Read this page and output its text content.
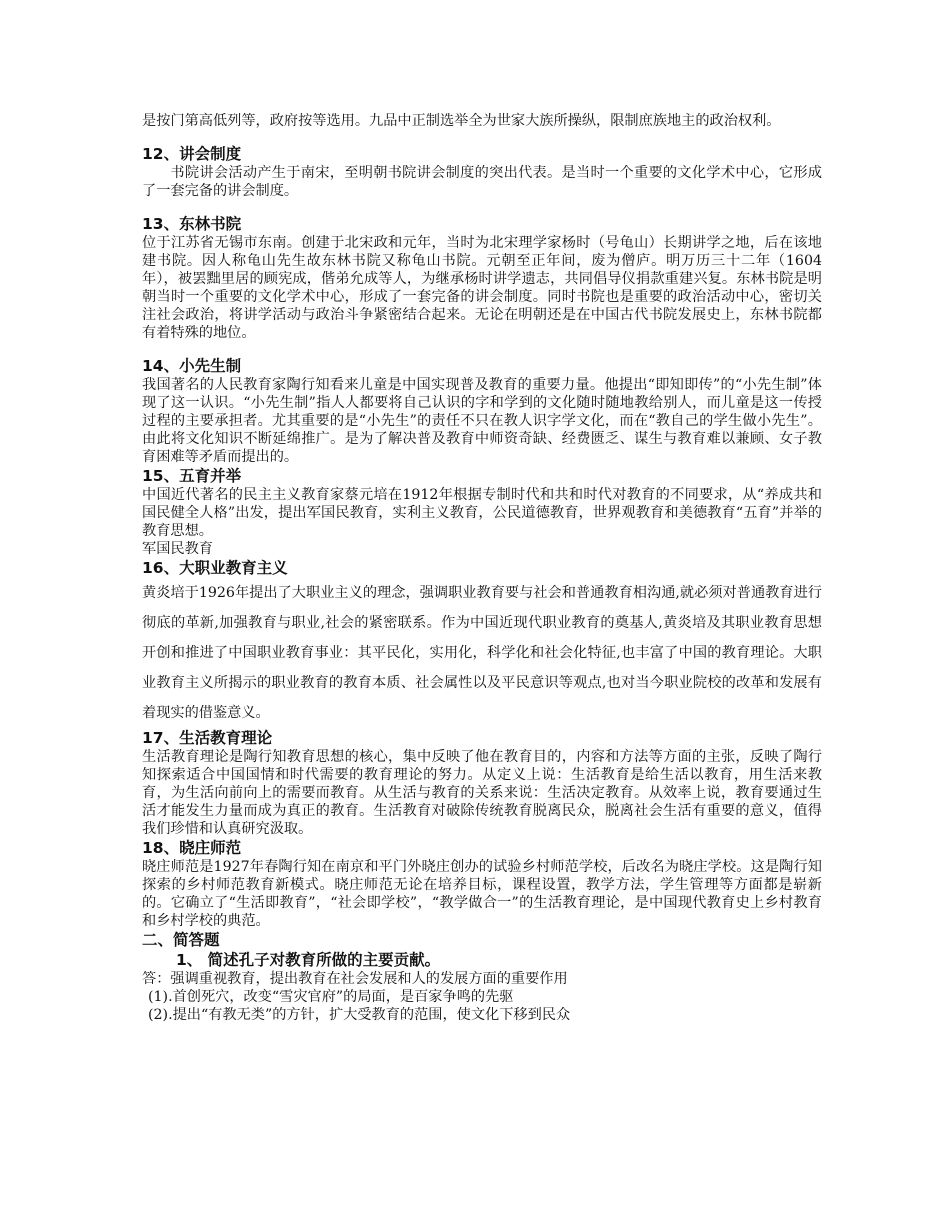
是按门第高低列等，政府按等选用。九品中正制选举全为世家大族所操纵，限制庶族地主的政治权利。

12、讲会制度

书院讲会活动产生于南宋，至明朝书院讲会制度的突出代表。是当时一个重要的文化学术中心，它形成了一套完备的讲会制度。

13、东林书院

位于江苏省无锡市东南。创建于北宋政和元年，当时为北宋理学家杨时（号龟山）长期讲学之地，后在该地建书院。因人称龟山先生故东林书院又称龟山书院。元朝至正年间，废为僧庐。明万历三十二年（1604年），被罢黜里居的顾宪成，偕弟允成等人，为继承杨时讲学遗志，共同倡导仪捐款重建兴复。东林书院是明朝当时一个重要的文化学术中心，形成了一套完备的讲会制度。同时书院也是重要的政治活动中心，密切关注社会政治，将讲学活动与政治斗争紧密结合起来。无论在明朝还是在中国古代书院发展史上，东林书院都有着特殊的地位。

14、小先生制

我国著名的人民教育家陶行知看来儿童是中国实现普及教育的重要力量。他提出“即知即传”的“小先生制”体现了这一认识。“小先生制”指人人都要将自己认识的字和学到的文化随时随地教给别人，而儿童是这一传授过程的主要承担者。尤其重要的是“小先生”的责任不只在教人识字学文化，而在“教自己的学生做小先生”。由此将文化知识不断延绵推广。是为了解决普及教育中师资奇缺、经费匮乏、谋生与教育难以兼顾、女子教育困难等矛盾而提出的。

15、五育并举

中国近代著名的民主主义教育家蔡元培在1912年根据专制时代和共和时代对教育的不同要求，从“养成共和国民健全人格”出发，提出军国民教育，实利主义教育，公民道德教育，世界观教育和美德教育“五育”并举的教育思想。

军国民教育

16、大职业教育主义

黄炎培于1926年提出了大职业主义的理念，强调职业教育要与社会和普通教育相沟通,就必须对普通教育进行彻底的革新,加强教育与职业,社会的紧密联系。作为中国近现代职业教育的奠基人,黄炎培及其职业教育思想开创和推进了中国职业教育事业：其平民化，实用化，科学化和社会化特征,也丰富了中国的教育理论。大职业教育主义所揭示的职业教育的教育本质、社会属性以及平民意识等观点,也对当今职业院校的改革和发展有着现实的借鉴意义。

17、生活教育理论

生活教育理论是陶行知教育思想的核心，集中反映了他在教育目的，内容和方法等方面的主张，反映了陶行知探索适合中国国情和时代需要的教育理论的努力。从定义上说：生活教育是给生活以教育，用生活来教育，为生活向前向上的需要而教育。从生活与教育的关系来说：生活决定教育。从效率上说，教育要通过生活才能发生力量而成为真正的教育。生活教育对破除传统教育脱离民众，脱离社会生活有重要的意义，值得我们珍惜和认真研究汲取。

18、晓庄师范

晓庄师范是1927年春陶行知在南京和平门外晓庄创办的试验乡村师范学校，后改名为晓庄学校。这是陶行知探索的乡村师范教育新模式。晓庄师范无论在培养目标，课程设置，教学方法，学生管理等方面都是崭新的。它确立了“生活即教育”，“社会即学校”，“教学做合一”的生活教育理论，是中国现代教育史上乡村教育和乡村学校的典范。

二、简答题

1、 简述孔子对教育所做的主要贡献。

答：强调重视教育，提出教育在社会发展和人的发展方面的重要作用

(1).首创死穴，改变“雪灾官府”的局面，是百家争鸣的先驱

(2).提出“有教无类”的方针，扩大受教育的范围，使文化下移到民众
